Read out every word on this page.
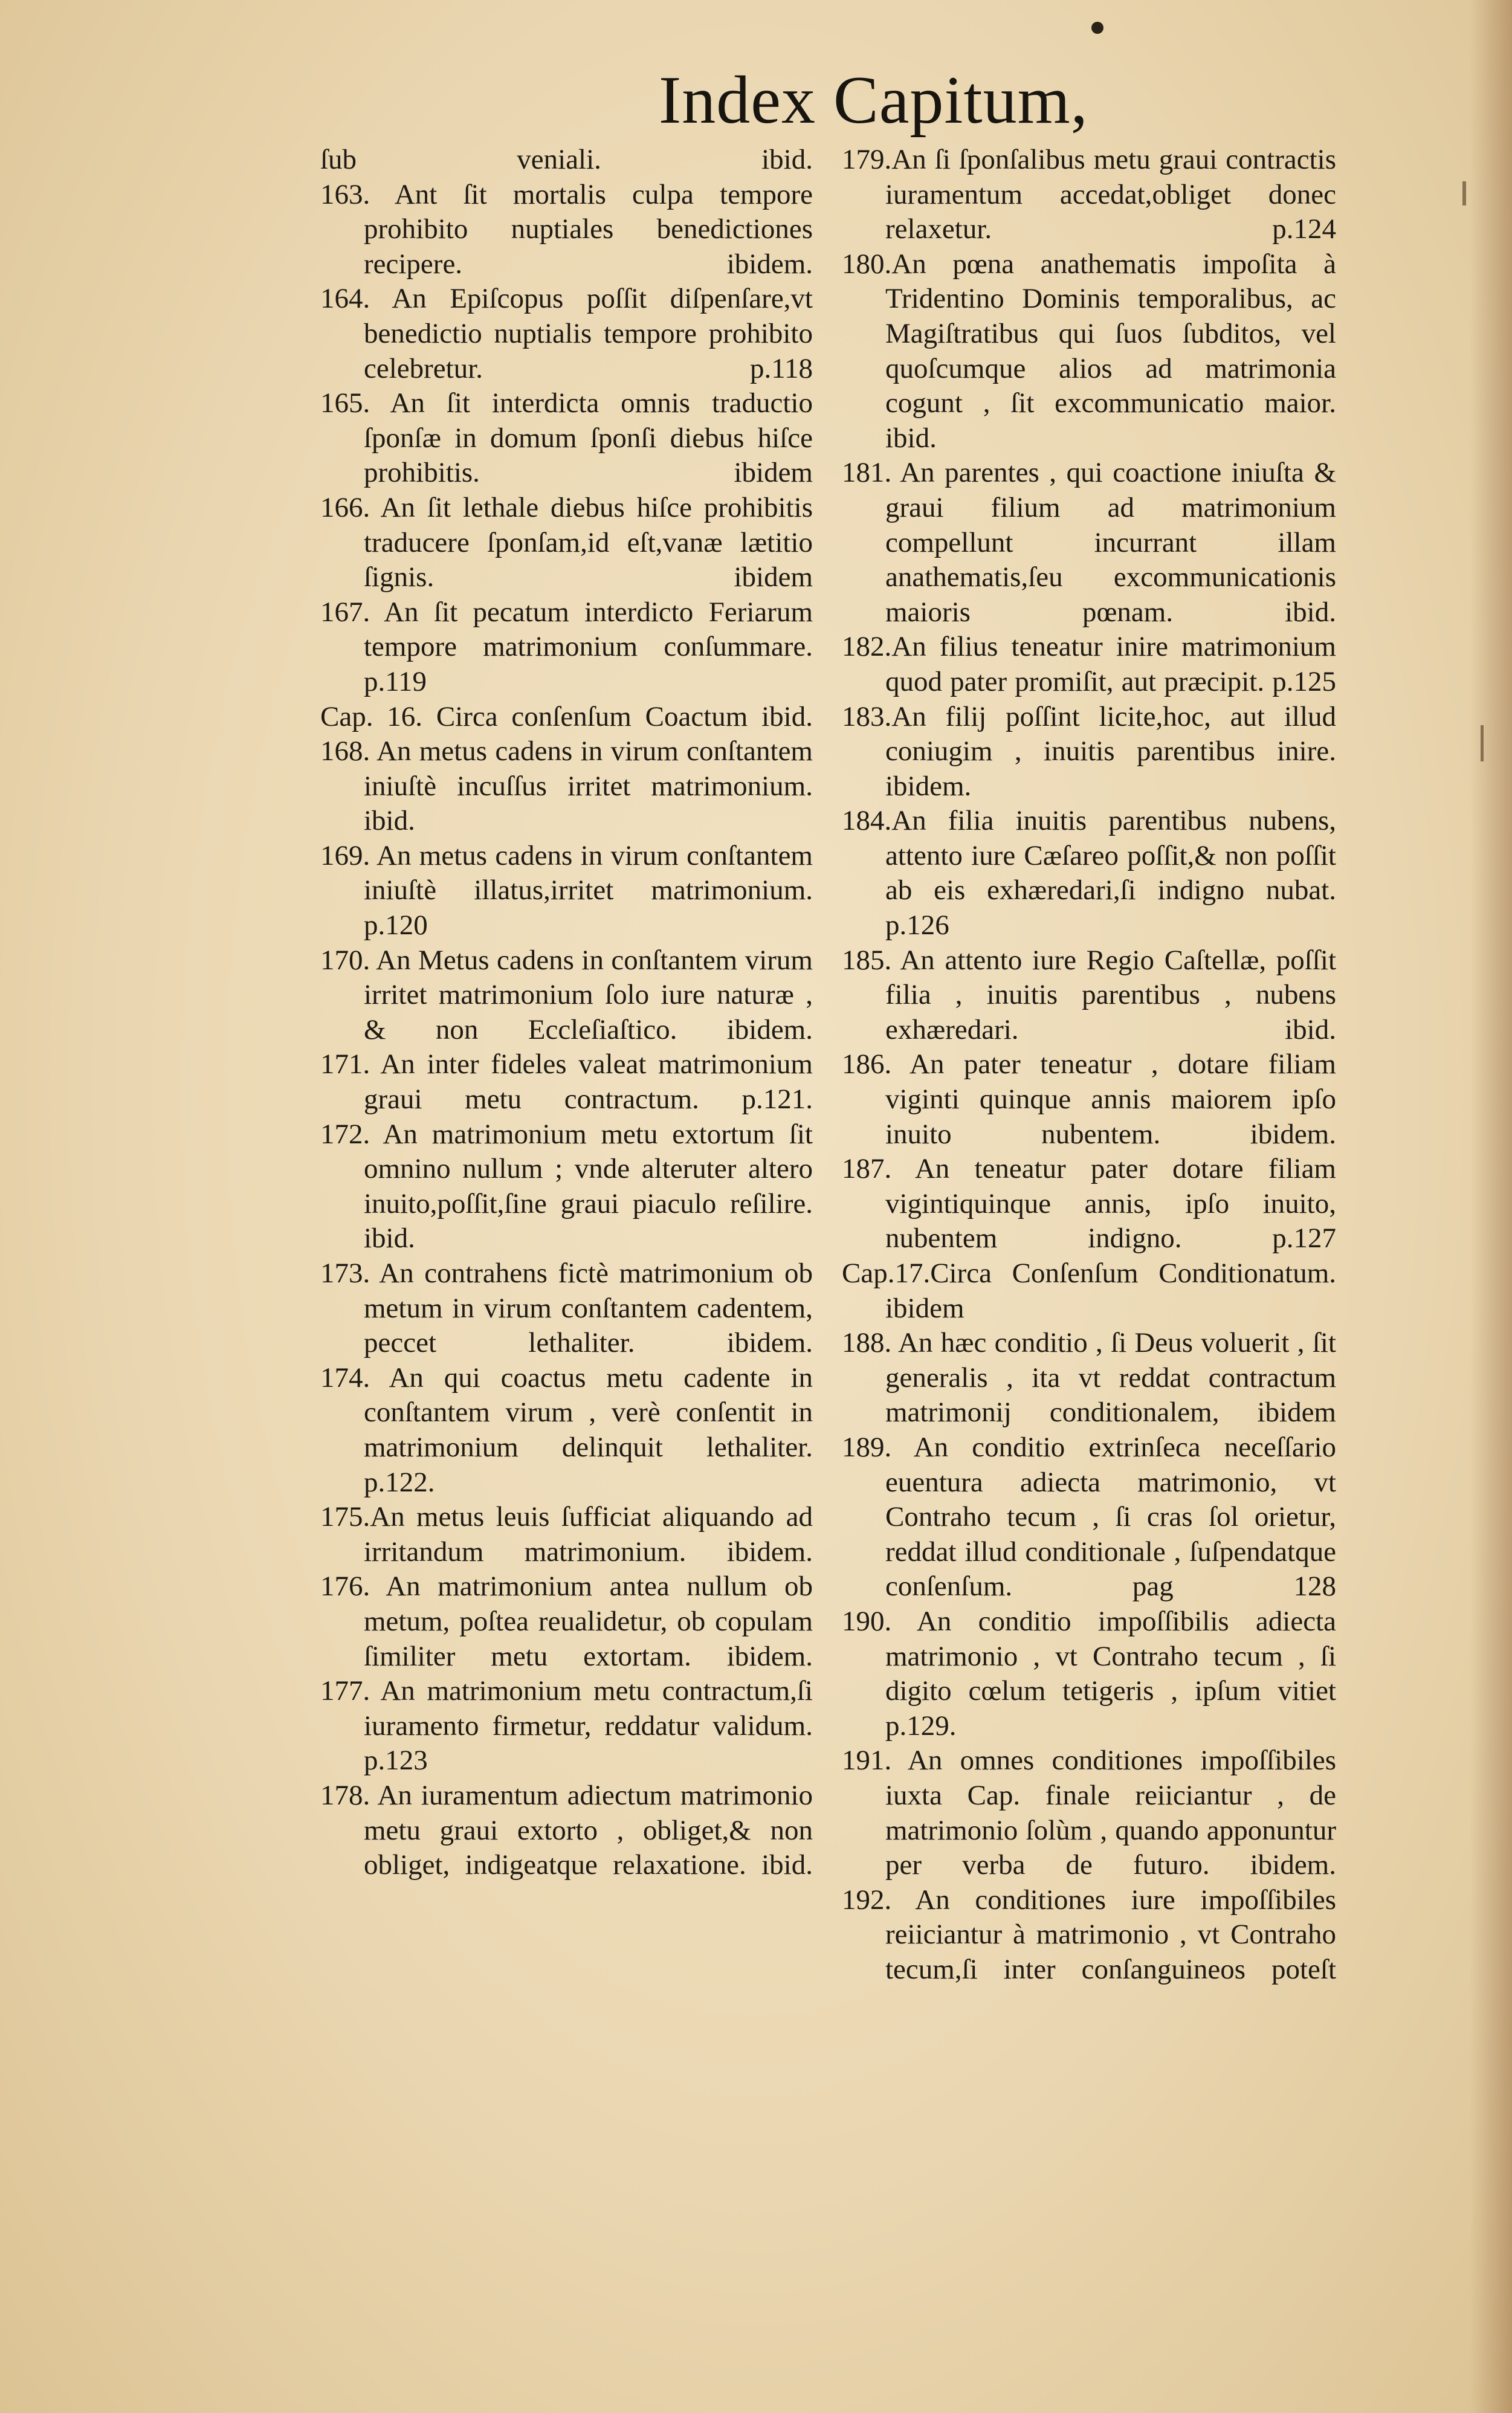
Index Capitum,

ſub veniali. ibid.

163. Ant ſit mortalis culpa tempore prohibito nuptiales benedictiones recipere. ibidem.

164. An Epiſcopus poſſit diſpenſare,vt benedictio nuptialis tempore prohibito celebretur. p.118

165. An ſit interdicta omnis traductio ſponſæ in domum ſponſi diebus hiſce prohibitis. ibidem

166. An ſit lethale diebus hiſce prohibitis traducere ſponſam,id eſt,vanæ lætitio ſignis. ibidem

167. An ſit pecatum interdicto Feriarum tempore matrimonium conſummare. p.119

Cap. 16. Circa conſenſum Coactum ibid.

168. An metus cadens in virum conſtantem iniuſtè incuſſus irritet matrimonium. ibid.

169. An metus cadens in virum conſtantem iniuſtè illatus,irritet matrimonium. p.120

170. An Metus cadens in conſtantem virum irritet matrimonium ſolo iure naturæ , & non Eccleſiaſtico. ibidem.

171. An inter fideles valeat matrimonium graui metu contractum. p.121.

172. An matrimonium metu extortum ſit omnino nullum ; vnde alteruter altero inuito,poſſit,ſine graui piaculo reſilire. ibid.

173. An contrahens fictè matrimonium ob metum in virum conſtantem cadentem, peccet lethaliter. ibidem.

174. An qui coactus metu cadente in conſtantem virum , verè conſentit in matrimonium delinquit lethaliter. p.122.

175.An metus leuis ſufficiat aliquando ad irritandum matrimonium. ibidem.

176. An matrimonium antea nullum ob metum, poſtea reualidetur, ob copulam ſimiliter metu extortam. ibidem.

177. An matrimonium metu contractum,ſi iuramento firmetur, reddatur validum. p.123

178. An iuramentum adiectum matrimonio metu graui extorto , obliget,& non obliget, indigeatque relaxatione. ibid.

179.An ſi ſponſalibus metu graui contractis iuramentum accedat,obliget donec relaxetur. p.124

180.An pœna anathematis impoſita à Tridentino Dominis temporalibus, ac Magiſtratibus qui ſuos ſubditos, vel quoſcumque alios ad matrimonia cogunt , ſit excommunicatio maior. ibid.

181. An parentes , qui coactione iniuſta & graui filium ad matrimonium compellunt incurrant illam anathematis,ſeu excommunicationis maioris pœnam. ibid.

182.An filius teneatur inire matrimonium quod pater promiſit, aut præcipit. p.125

183.An filij poſſint licite,hoc, aut illud coniugim , inuitis parentibus inire. ibidem.

184.An filia inuitis parentibus nubens, attento iure Cæſareo poſſit,& non poſſit ab eis exhæredari,ſi indigno nubat. p.126

185. An attento iure Regio Caſtellæ, poſſit filia , inuitis parentibus , nubens exhæredari. ibid.

186. An pater teneatur , dotare filiam viginti quinque annis maiorem ipſo inuito nubentem. ibidem.

187. An teneatur pater dotare filiam vigintiquinque annis, ipſo inuito, nubentem indigno. p.127

Cap.17.Circa Conſenſum Conditionatum. ibidem

188. An hæc conditio , ſi Deus voluerit , ſit generalis , ita vt reddat contractum matrimonij conditionalem, ibidem

189. An conditio extrinſeca neceſſario euentura adiecta matrimonio, vt Contraho tecum , ſi cras ſol orietur, reddat illud conditionale , ſuſpendatque conſenſum. pag 128

190. An conditio impoſſibilis adiecta matrimonio , vt Contraho tecum , ſi digito cœlum tetigeris , ipſum vitiet p.129.

191. An omnes conditiones impoſſibiles iuxta Cap. finale reiiciantur , de matrimonio ſolùm , quando apponuntur per verba de futuro. ibidem.

192. An conditiones iure impoſſibiles reiiciantur à matrimonio , vt Contraho tecum,ſi inter conſanguineos poteſt
